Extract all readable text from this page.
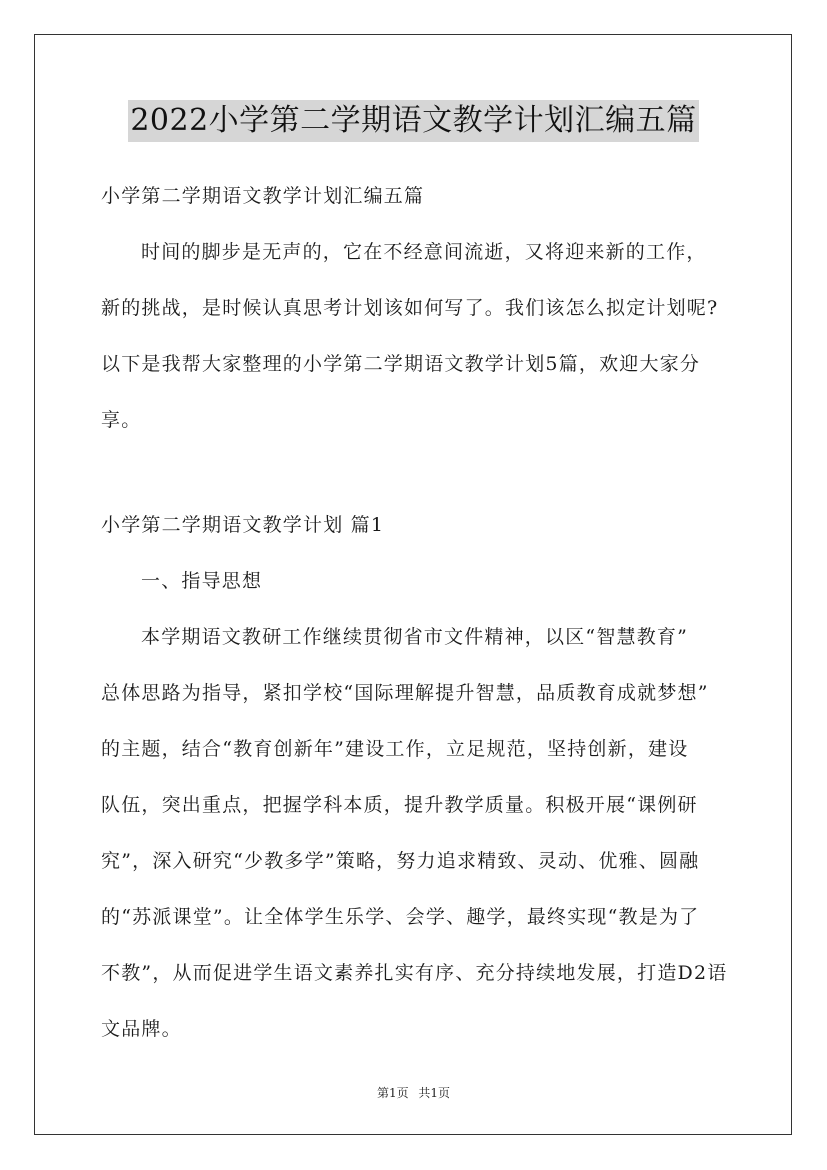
2022小学第二学期语文教学计划汇编五篇
小学第二学期语文教学计划汇编五篇
时间的脚步是无声的，它在不经意间流逝，又将迎来新的工作，
新的挑战，是时候认真思考计划该如何写了。我们该怎么拟定计划呢?
以下是我帮大家整理的小学第二学期语文教学计划5篇，欢迎大家分
享。
小学第二学期语文教学计划 篇1
一、指导思想
本学期语文教研工作继续贯彻省市文件精神，以区“智慧教育”
总体思路为指导，紧扣学校“国际理解提升智慧，品质教育成就梦想”
的主题，结合“教育创新年”建设工作，立足规范，坚持创新，建设
队伍，突出重点，把握学科本质，提升教学质量。积极开展“课例研
究”，深入研究“少教多学”策略，努力追求精致、灵动、优雅、圆融
的“苏派课堂”。让全体学生乐学、会学、趣学，最终实现“教是为了
不教”，从而促进学生语文素养扎实有序、充分持续地发展，打造D2语
文品牌。
第1页 共1页
